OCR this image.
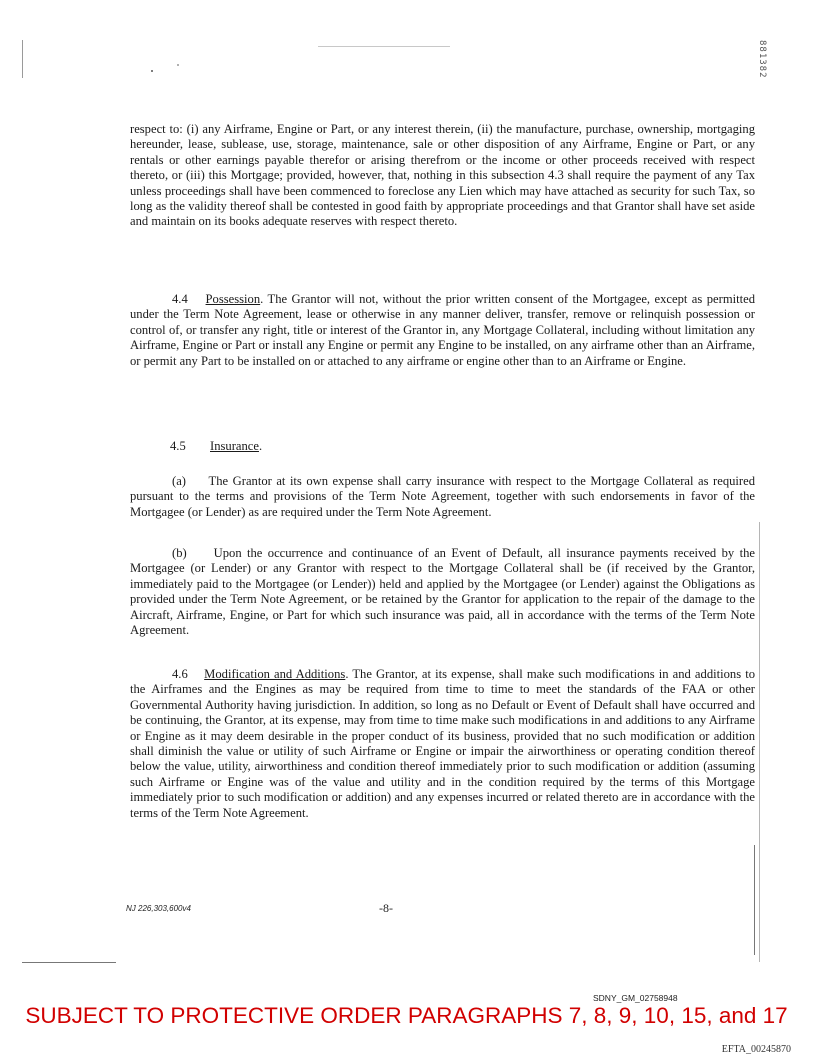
881382

respect to: (i) any Airframe, Engine or Part, or any interest therein, (ii) the manufacture, purchase, ownership, mortgaging hereunder, lease, sublease, use, storage, maintenance, sale or other disposition of any Airframe, Engine or Part, or any rentals or other earnings payable therefor or arising therefrom or the income or other proceeds received with respect thereto, or (iii) this Mortgage; provided, however, that, nothing in this subsection 4.3 shall require the payment of any Tax unless proceedings shall have been commenced to foreclose any Lien which may have attached as security for such Tax, so long as the validity thereof shall be contested in good faith by appropriate proceedings and that Grantor shall have set aside and maintain on its books adequate reserves with respect thereto.

4.4 Possession. The Grantor will not, without the prior written consent of the Mortgagee, except as permitted under the Term Note Agreement, lease or otherwise in any manner deliver, transfer, remove or relinquish possession or control of, or transfer any right, title or interest of the Grantor in, any Mortgage Collateral, including without limitation any Airframe, Engine or Part or install any Engine or permit any Engine to be installed, on any airframe other than an Airframe, or permit any Part to be installed on or attached to any airframe or engine other than to an Airframe or Engine.

4.5 Insurance.

(a)     The Grantor at its own expense shall carry insurance with respect to the Mortgage Collateral as required pursuant to the terms and provisions of the Term Note Agreement, together with such endorsements in favor of the Mortgagee (or Lender) as are required under the Term Note Agreement.

(b)     Upon the occurrence and continuance of an Event of Default, all insurance payments received by the Mortgagee (or Lender) or any Grantor with respect to the Mortgage Collateral shall be (if received by the Grantor, immediately paid to the Mortgagee (or Lender)) held and applied by the Mortgagee (or Lender) against the Obligations as provided under the Term Note Agreement, or be retained by the Grantor for application to the repair of the damage to the Aircraft, Airframe, Engine, or Part for which such insurance was paid, all in accordance with the terms of the Term Note Agreement.

4.6 Modification and Additions. The Grantor, at its expense, shall make such modifications in and additions to the Airframes and the Engines as may be required from time to time to meet the standards of the FAA or other Governmental Authority having jurisdiction. In addition, so long as no Default or Event of Default shall have occurred and be continuing, the Grantor, at its expense, may from time to time make such modifications in and additions to any Airframe or Engine as it may deem desirable in the proper conduct of its business, provided that no such modification or addition shall diminish the value or utility of such Airframe or Engine or impair the airworthiness or operating condition thereof below the value, utility, airworthiness and condition thereof immediately prior to such modification or addition (assuming such Airframe or Engine was of the value and utility and in the condition required by the terms of this Mortgage immediately prior to such modification or addition) and any expenses incurred or related thereto are in accordance with the terms of the Term Note Agreement.

NJ 226,303,600v4	-8-
SDNY_GM_02758948
SUBJECT TO PROTECTIVE ORDER PARAGRAPHS 7, 8, 9, 10, 15, and 17
EFTA_00245870
